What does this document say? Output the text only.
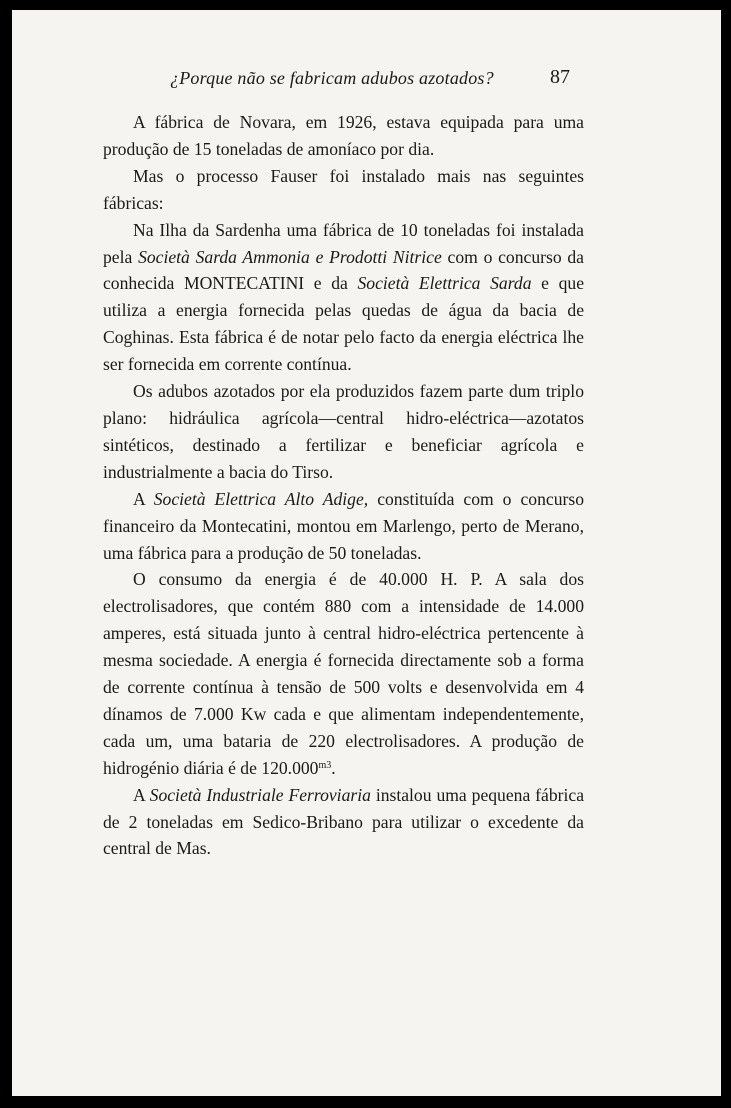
¿Porque não se fabricam adubos azotados?	87

A fábrica de Novara, em 1926, estava equipada para uma produção de 15 toneladas de amoníaco por dia.

Mas o processo Fauser foi instalado mais nas seguintes fábricas:

Na Ilha da Sardenha uma fábrica de 10 toneladas foi instalada pela Società Sarda Ammonia e Prodotti Nitrice com o concurso da conhecida MONTECATINI e da Società Elettrica Sarda e que utiliza a energia fornecida pelas quedas de água da bacia de Coghinas. Esta fábrica é de notar pelo facto da energia eléctrica lhe ser fornecida em corrente contínua.

Os adubos azotados por ela produzidos fazem parte dum triplo plano: hidráulica agrícola—central hidro-eléctrica—azotatos sintéticos, destinado a fertilizar e beneficiar agrícola e industrialmente a bacia do Tirso.

A Società Elettrica Alto Adige, constituída com o concurso financeiro da Montecatini, montou em Marlengo, perto de Merano, uma fábrica para a produção de 50 toneladas.

O consumo da energia é de 40.000 H. P. A sala dos electrolisadores, que contém 880 com a intensidade de 14.000 amperes, está situada junto à central hidro-eléctrica pertencente à mesma sociedade. A energia é fornecida directamente sob a forma de corrente contínua à tensão de 500 volts e desenvolvida em 4 dínamos de 7.000 Kw cada e que alimentam independentemente, cada um, uma bataria de 220 electrolisadores. A produção de hidrogénio diária é de $120.000^{m3}$.

A Società Industriale Ferroviaria instalou uma pequena fábrica de 2 toneladas em Sedico-Bribano para utilizar o excedente da central de Mas.
